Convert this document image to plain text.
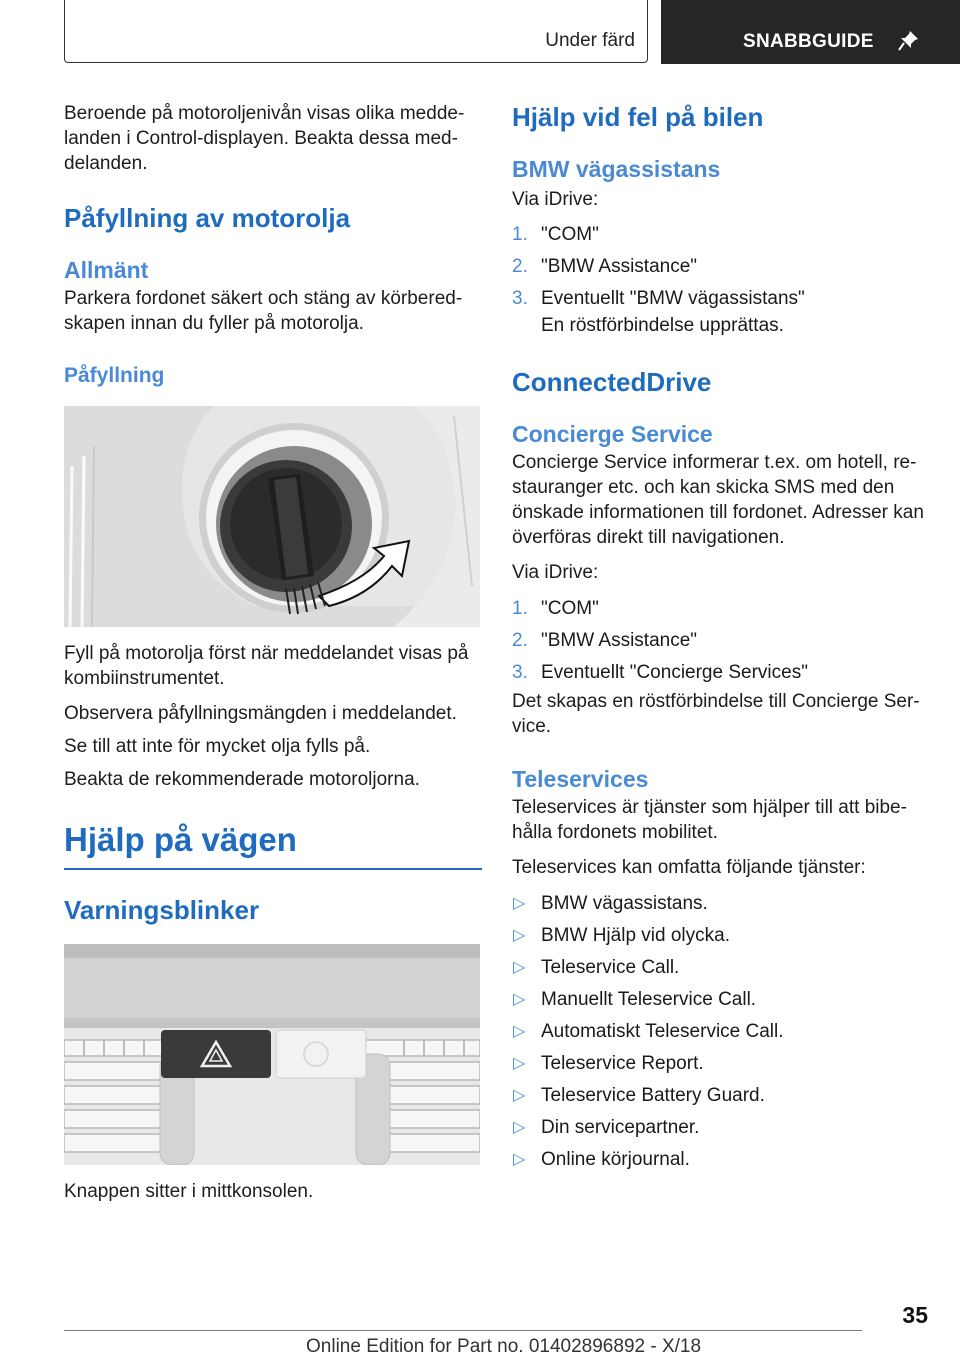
Under färd	SNABBGUIDE

Beroende på motoroljenivån visas olika medde-landen i Control-displayen. Beakta dessa med-delanden.

Påfyllning av motorolja
Allmänt

Parkera fordonet säkert och stäng av körbered-skapen innan du fyller på motorolja.

Påfyllning

Fyll på motorolja först när meddelandet visas på kombiinstrumentet.

Observera påfyllningsmängden i meddelandet.

Se till att inte för mycket olja fylls på.

Beakta de rekommenderade motoroljorna.

Hjälp på vägen
Varningsblinker

Knappen sitter i mittkonsolen.

Hjälp vid fel på bilen
BMW vägassistans

Via iDrive:

1. "COM"
2. "BMW Assistance"
3. Eventuellt "BMW vägassistans"
En röstförbindelse upprättas.
ConnectedDrive
Concierge Service

Concierge Service informerar t.ex. om hotell, re-stauranger etc. och kan skicka SMS med den önskade informationen till fordonet. Adresser kan överföras direkt till navigationen.

Via iDrive:

1. "COM"
2. "BMW Assistance"
3. Eventuellt "Concierge Services"

Det skapas en röstförbindelse till Concierge Ser-vice.

Teleservices

Teleservices är tjänster som hjälper till att bibe-hålla fordonets mobilitet.

Teleservices kan omfatta följande tjänster:

▷ BMW vägassistans.
▷ BMW Hjälp vid olycka.
▷ Teleservice Call.
▷ Manuellt Teleservice Call.
▷ Automatiskt Teleservice Call.
▷ Teleservice Report.
▷ Teleservice Battery Guard.
▷ Din servicepartner.
▷ Online körjournal.
35
Online Edition for Part no. 01402896892 - X/18
